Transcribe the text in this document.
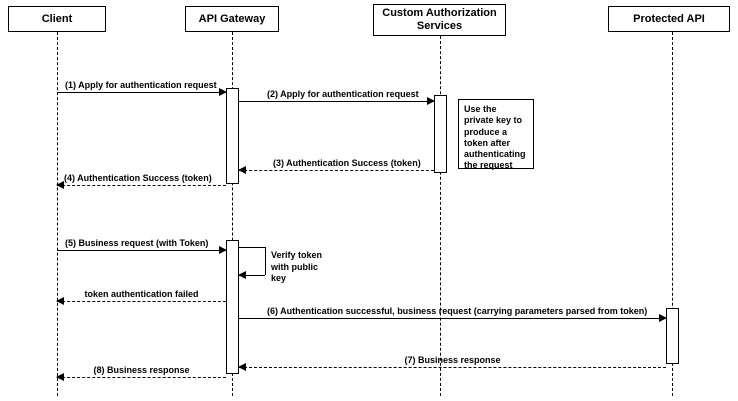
Client	API Gateway	Custom Authorization Services
Protected API
Use the private key to produce a token after authenticating the request
(1) Apply for authentication request
(2) Apply for authentication request
(3) Authentication Success (token)
(4) Authentication Success (token)
(5) Business request (with Token)
Verify token with public key
token authentication failed
(6) Authentication successful, business request (carrying parameters parsed from token)
(7) Business response
(8) Business response
